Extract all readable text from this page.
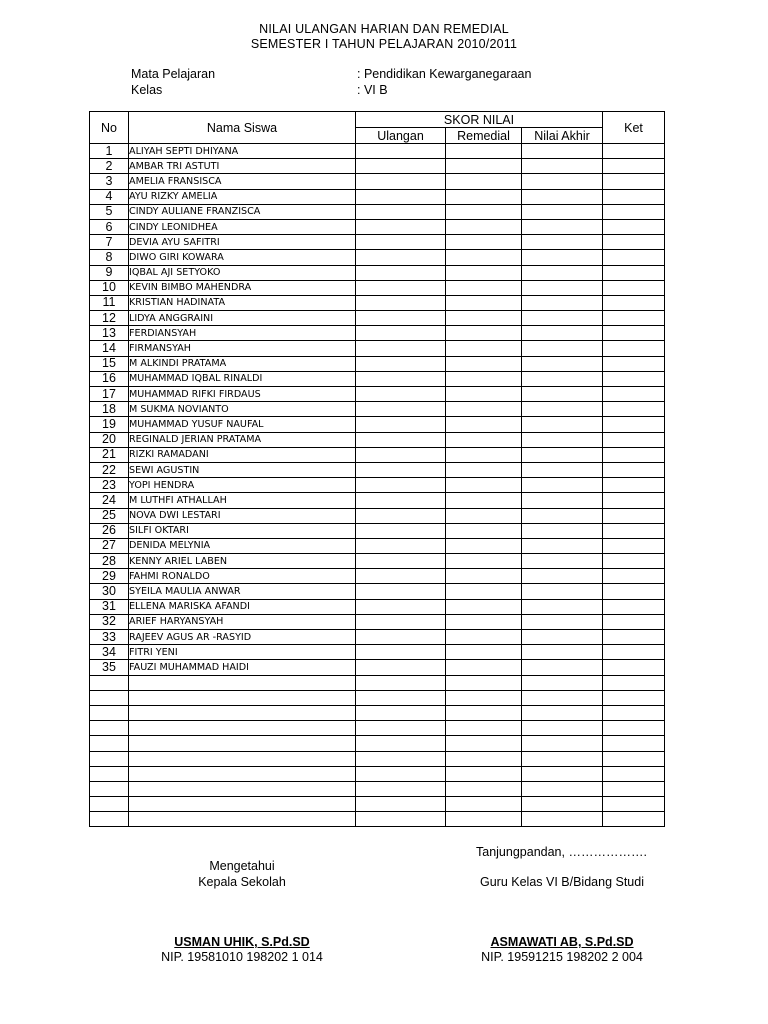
NILAI ULANGAN HARIAN DAN REMEDIAL
SEMESTER I TAHUN PELAJARAN 2010/2011
Mata Pelajaran	: Pendidikan Kewarganegaraan
Kelas	: VI B
No	Nama Siswa	SKOR NILAI			Ket
		Ulangan	Remedial	Nilai Akhir	
1	ALIYAH SEPTI DHIYANA				
2	AMBAR TRI ASTUTI				
3	AMELIA FRANSISCA				
4	AYU RIZKY AMELIA				
5	CINDY AULIANE FRANZISCA				
6	CINDY LEONIDHEA				
7	DEVIA AYU SAFITRI				
8	DIWO GIRI KOWARA				
9	IQBAL AJI SETYOKO				
10	KEVIN BIMBO MAHENDRA				
11	KRISTIAN HADINATA				
12	LIDYA ANGGRAINI				
13	FERDIANSYAH				
14	FIRMANSYAH				
15	M ALKINDI PRATAMA				
16	MUHAMMAD IQBAL RINALDI				
17	MUHAMMAD RIFKI FIRDAUS				
18	M SUKMA NOVIANTO				
19	MUHAMMAD YUSUF NAUFAL				
20	REGINALD JERIAN PRATAMA				
21	RIZKI RAMADANI				
22	SEWI AGUSTIN				
23	YOPI HENDRA				
24	M LUTHFI ATHALLAH				
25	NOVA DWI LESTARI				
26	SILFI OKTARI				
27	DENIDA MELYNIA				
28	KENNY ARIEL LABEN				
29	FAHMI RONALDO				
30	SYEILA MAULIA ANWAR				
31	ELLENA MARISKA AFANDI				
32	ARIEF HARYANSYAH				
33	RAJEEV AGUS AR -RASYID				
34	FITRI YENI				
35	FAUZI MUHAMMAD HAIDI				

Tanjungpandan, ……………….
Mengetahui
Kepala Sekolah	Guru Kelas VI B/Bidang Studi
USMAN UHIK, S.Pd.SD
NIP. 19581010 198202 1 014
ASMAWATI AB, S.Pd.SD
NIP. 19591215 198202 2 004
